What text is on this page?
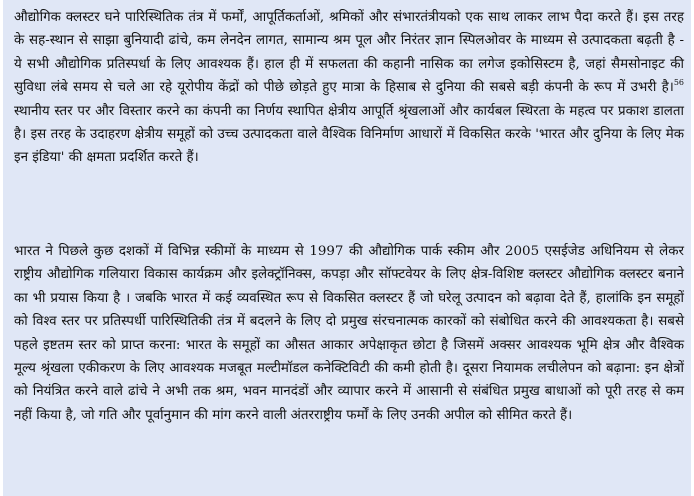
औद्योगिक क्लस्टर घने पारिस्थितिक तंत्र में फर्मों, आपूर्तिकर्ताओं, श्रमिकों और संभारतंत्रीयको एक साथ लाकर लाभ पैदा करते हैं। इस तरह के सह-स्थान से साझा बुनियादी ढांचे, कम लेनदेन लागत, सामान्य श्रम पूल और निरंतर ज्ञान स्पिलओवर के माध्यम से उत्पादकता बढ़ती है - ये सभी औद्योगिक प्रतिस्पर्धा के लिए आवश्यक हैं। हाल ही में सफलता की कहानी नासिक का लगेज इकोसिस्टम है, जहां सैमसोनाइट की सुविधा लंबे समय से चले आ रहे यूरोपीय केंद्रों को पीछे छोड़ते हुए मात्रा के हिसाब से दुनिया की सबसे बड़ी कंपनी के रूप में उभरी है।$^{56}$ स्थानीय स्तर पर और विस्तार करने का कंपनी का निर्णय स्थापित क्षेत्रीय आपूर्ति श्रृंखलाओं और कार्यबल स्थिरता के महत्व पर प्रकाश डालता है। इस तरह के उदाहरण क्षेत्रीय समूहों को उच्च उत्पादकता वाले वैश्विक विनिर्माण आधारों में विकसित करके 'भारत और दुनिया के लिए मेक इन इंडिया' की क्षमता प्रदर्शित करते हैं।

भारत ने पिछले कुछ दशकों में विभिन्न स्कीमों के माध्यम से 1997 की औद्योगिक पार्क स्कीम और 2005 एसईजेड अधिनियम से लेकर राष्ट्रीय औद्योगिक गलियारा विकास कार्यक्रम और इलेक्ट्रॉनिक्स, कपड़ा और सॉफ्टवेयर के लिए क्षेत्र-विशिष्ट क्लस्टर औद्योगिक क्लस्टर बनाने का भी प्रयास किया है । जबकि भारत में कई व्यवस्थित रूप से विकसित क्लस्टर हैं जो घरेलू उत्पादन को बढ़ावा देते हैं, हालांकि इन समूहों को विश्व स्तर पर प्रतिस्पर्धी पारिस्थितिकी तंत्र में बदलने के लिए दो प्रमुख संरचनात्मक कारकों को संबोधित करने की आवश्यकता है। सबसे पहले इष्टतम स्तर को प्राप्त करना: भारत के समूहों का औसत आकार अपेक्षाकृत छोटा है जिसमें अक्सर आवश्यक भूमि क्षेत्र और वैश्विक मूल्य श्रृंखला एकीकरण के लिए आवश्यक मजबूत मल्टीमॉडल कनेक्टिविटी की कमी होती है। दूसरा नियामक लचीलेपन को बढ़ाना: इन क्षेत्रों को नियंत्रित करने वाले ढांचे ने अभी तक श्रम, भवन मानदंडों और व्यापार करने में आसानी से संबंधित प्रमुख बाधाओं को पूरी तरह से कम नहीं किया है, जो गति और पूर्वानुमान की मांग करने वाली अंतरराष्ट्रीय फर्मों के लिए उनकी अपील को सीमित करते हैं।
